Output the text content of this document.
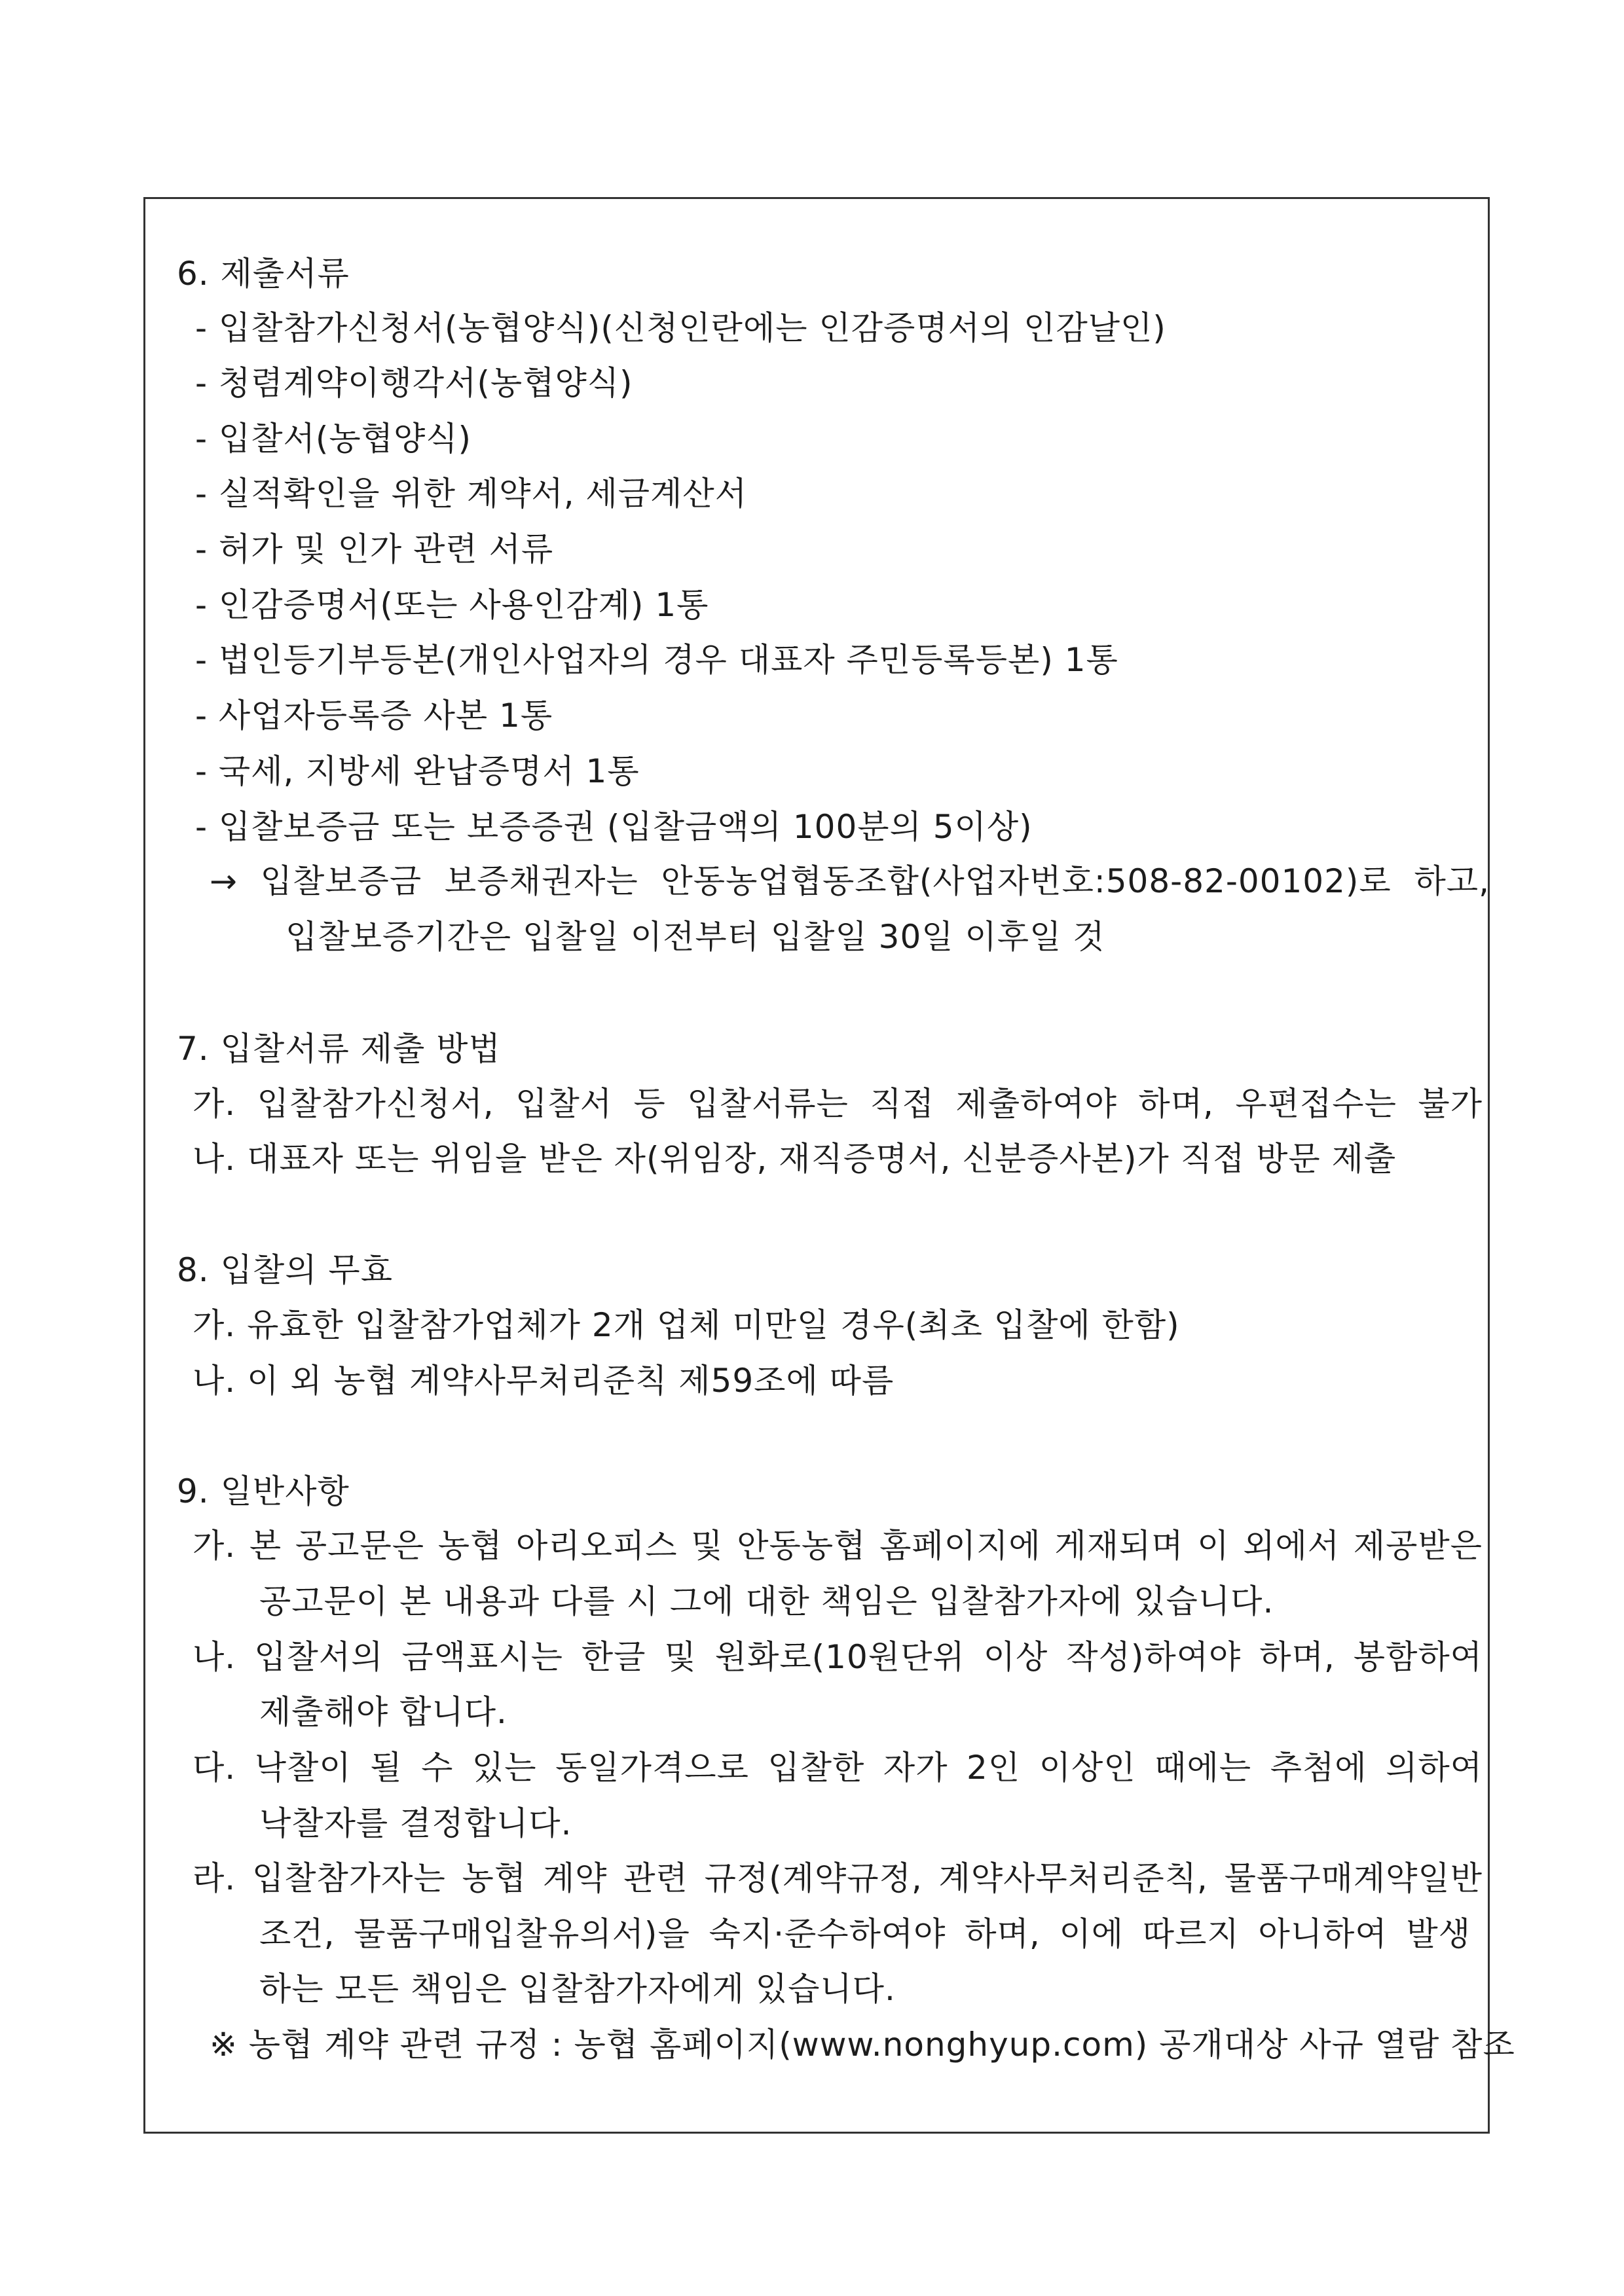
6. 제출서류
- 입찰참가신청서(농협양식)(신청인란에는 인감증명서의 인감날인)
- 청렴계약이행각서(농협양식)
- 입찰서(농협양식)
- 실적확인을 위한 계약서, 세금계산서
- 허가 및 인가 관련 서류
- 인감증명서(또는 사용인감계) 1통
- 법인등기부등본(개인사업자의 경우 대표자 주민등록등본) 1통
- 사업자등록증 사본 1통
- 국세, 지방세 완납증명서 1통
- 입찰보증금 또는 보증증권 (입찰금액의 100분의 5이상)
→ 입찰보증금 보증채권자는 안동농업협동조합(사업자번호:508-82-00102)로 하고,
입찰보증기간은 입찰일 이전부터 입찰일 30일 이후일 것
7. 입찰서류 제출 방법
가. 입찰참가신청서, 입찰서 등 입찰서류는 직접 제출하여야 하며, 우편접수는 불가
나. 대표자 또는 위임을 받은 자(위임장, 재직증명서, 신분증사본)가 직접 방문 제출
8. 입찰의 무효
가. 유효한 입찰참가업체가 2개 업체 미만일 경우(최초 입찰에 한함)
나. 이 외 농협 계약사무처리준칙 제59조에 따름
9. 일반사항
가. 본 공고문은 농협 아리오피스 및 안동농협 홈페이지에 게재되며 이 외에서 제공받은
공고문이 본 내용과 다를 시 그에 대한 책임은 입찰참가자에 있습니다.
나. 입찰서의 금액표시는 한글 및 원화로(10원단위 이상 작성)하여야 하며, 봉함하여
제출해야 합니다.
다. 낙찰이 될 수 있는 동일가격으로 입찰한 자가 2인 이상인 때에는 추첨에 의하여
낙찰자를 결정합니다.
라. 입찰참가자는 농협 계약 관련 규정(계약규정, 계약사무처리준칙, 물품구매계약일반
조건, 물품구매입찰유의서)을 숙지·준수하여야 하며, 이에 따르지 아니하여 발생
하는 모든 책임은 입찰참가자에게 있습니다.
※ 농협 계약 관련 규정 : 농협 홈페이지(www.nonghyup.com) 공개대상 사규 열람 참조
